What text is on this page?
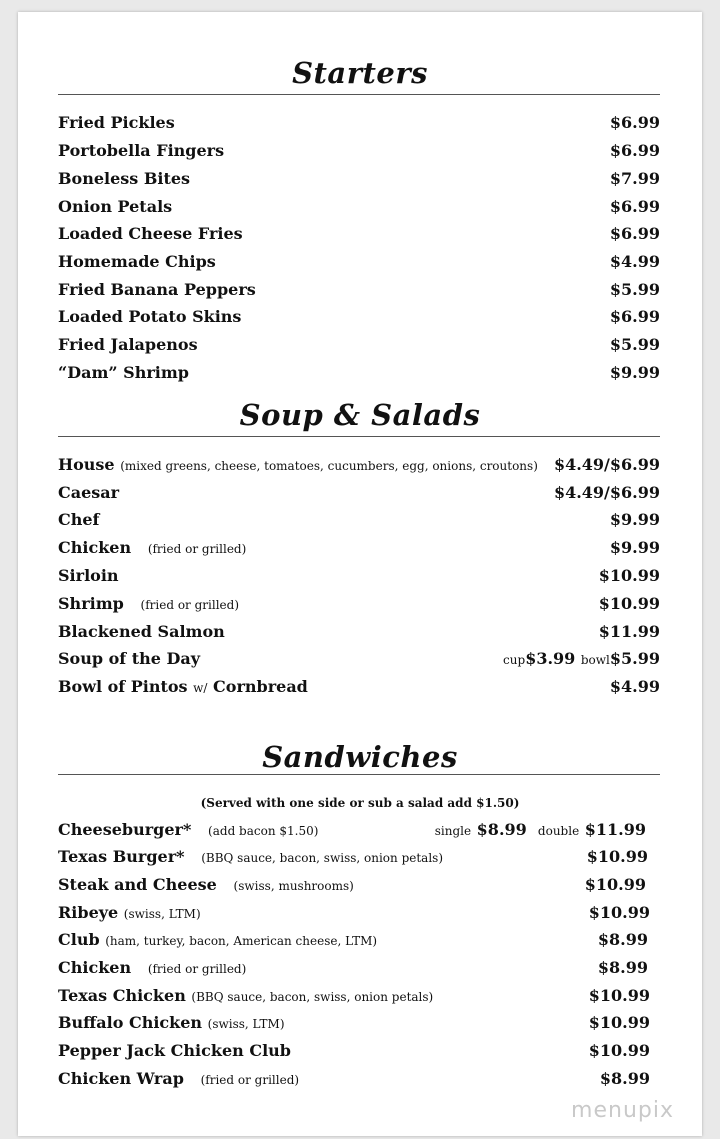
Starters
Fried Pickles	$6.99
Portobella Fingers	$6.99
Boneless Bites	$7.99
Onion Petals	$6.99
Loaded Cheese Fries	$6.99
Homemade Chips	$4.99
Fried Banana Peppers	$5.99
Loaded Potato Skins	$6.99
Fried Jalapenos	$5.99
“Dam” Shrimp	$9.99
Soup & Salads
House (mixed greens, cheese, tomatoes, cucumbers, egg, onions, croutons) $4.49/$6.99
Caesar	$4.49/$6.99
Chef	$9.99
Chicken (fried or grilled)	$9.99
Sirloin	$10.99
Shrimp (fried or grilled)	$10.99
Blackened Salmon	$11.99
Soup of the Day	cup$3.99 bowl$5.99
Bowl of Pintos w/ Cornbread	$4.99
Sandwiches
(Served with one side or sub a salad add $1.50)
Cheeseburger* (add bacon $1.50)	single $8.99 double $11.99
Texas Burger* (BBQ sauce, bacon, swiss, onion petals)	$10.99
Steak and Cheese (swiss, mushrooms)	$10.99
Ribeye (swiss, LTM)	$10.99
Club (ham, turkey, bacon, American cheese, LTM)	$8.99
Chicken (fried or grilled)	$8.99
Texas Chicken (BBQ sauce, bacon, swiss, onion petals)	$10.99
Buffalo Chicken (swiss, LTM)	$10.99
Pepper Jack Chicken Club	$10.99
Chicken Wrap (fried or grilled)	$8.99
menupix
